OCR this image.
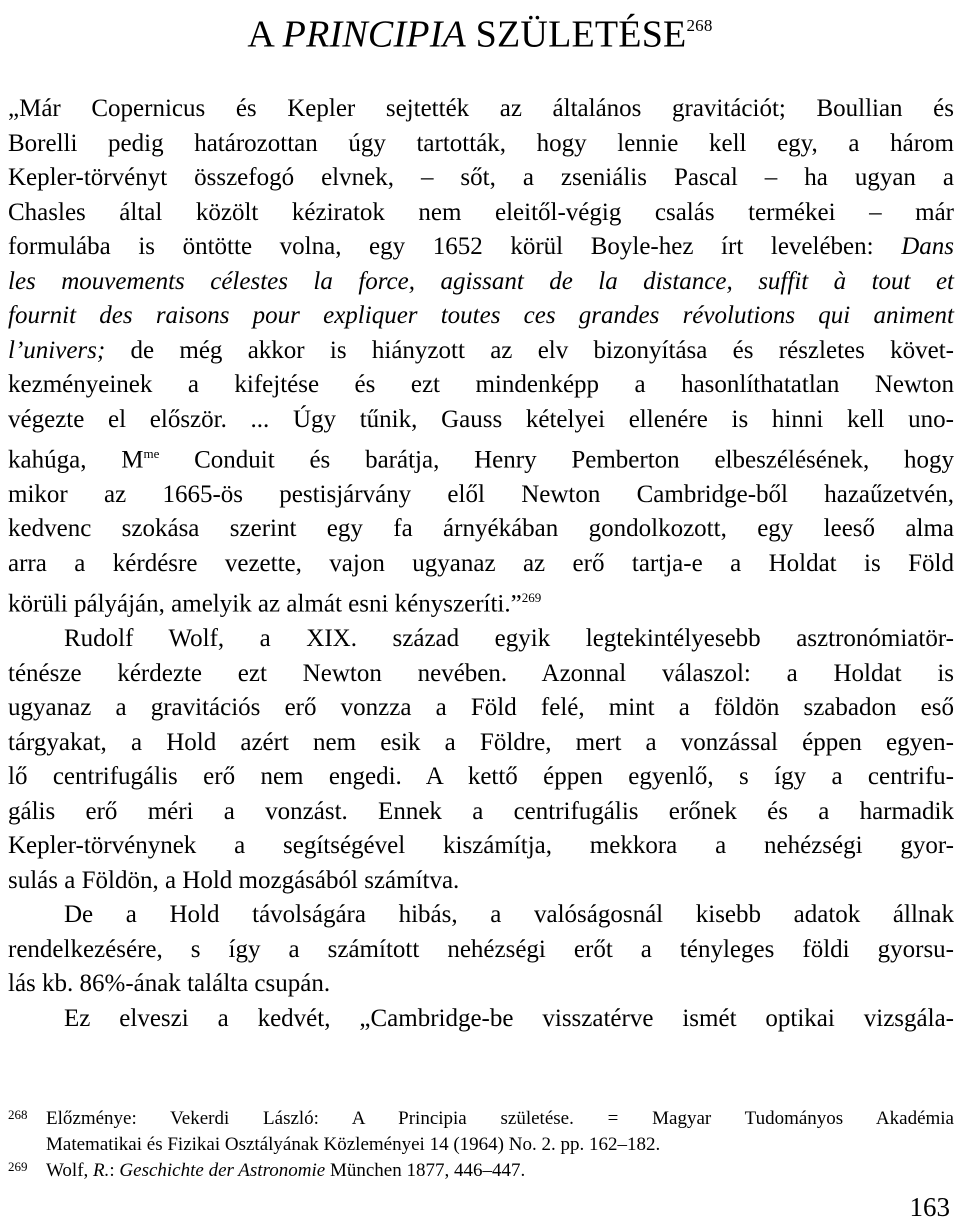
A PRINCIPIA SZÜLETÉSE$^{268}$
„Már Copernicus és Kepler sejtették az általános gravitációt; Boullian és
Borelli pedig határozottan úgy tartották, hogy lennie kell egy, a három
Kepler-törvényt összefogó elvnek, – sőt, a zseniális Pascal – ha ugyan a
Chasles által közölt kéziratok nem eleitől-végig csalás termékei – már
formulába is öntötte volna, egy 1652 körül Boyle-hez írt levelében: Dans
les mouvements célestes la force, agissant de la distance, suffit à tout et
fournit des raisons pour expliquer toutes ces grandes révolutions qui animent
l’univers; de még akkor is hiányzott az elv bizonyítása és részletes követ-
kezményeinek a kifejtése és ezt mindenképp a hasonlíthatatlan Newton
végezte el először. ... Úgy tűnik, Gauss kételyei ellenére is hinni kell uno-
kahúga, $M^{me}$ Conduit és barátja, Henry Pemberton elbeszélésének, hogy
mikor az 1665-ös pestisjárvány elől Newton Cambridge-ből hazaűzetvén,
kedvenc szokása szerint egy fa árnyékában gondolkozott, egy leeső alma
arra a kérdésre vezette, vajon ugyanaz az erő tartja-e a Holdat is Föld
körüli pályáján, amelyik az almát esni kényszeríti.”$^{269}$
Rudolf Wolf, a XIX. század egyik legtekintélyesebb asztronómiatör-
ténésze kérdezte ezt Newton nevében. Azonnal válaszol: a Holdat is
ugyanaz a gravitációs erő vonzza a Föld felé, mint a földön szabadon eső
tárgyakat, a Hold azért nem esik a Földre, mert a vonzással éppen egyen-
lő centrifugális erő nem engedi. A kettő éppen egyenlő, s így a centrifu-
gális erő méri a vonzást. Ennek a centrifugális erőnek és a harmadik
Kepler-törvénynek a segítségével kiszámítja, mekkora a nehézségi gyor-
sulás a Földön, a Hold mozgásából számítva.
De a Hold távolságára hibás, a valóságosnál kisebb adatok állnak
rendelkezésére, s így a számított nehézségi erőt a tényleges földi gyorsu-
lás kb. 86%-ának találta csupán.
Ez elveszi a kedvét, „Cambridge-be visszatérve ismét optikai vizsgála-
268 Előzménye: Vekerdi László: A Principia születése. = Magyar Tudományos Akadémia
Matematikai és Fizikai Osztályának Közleményei 14 (1964) No. 2. pp. 162–182.
269 Wolf, R.: Geschichte der Astronomie München 1877, 446–447.
163
